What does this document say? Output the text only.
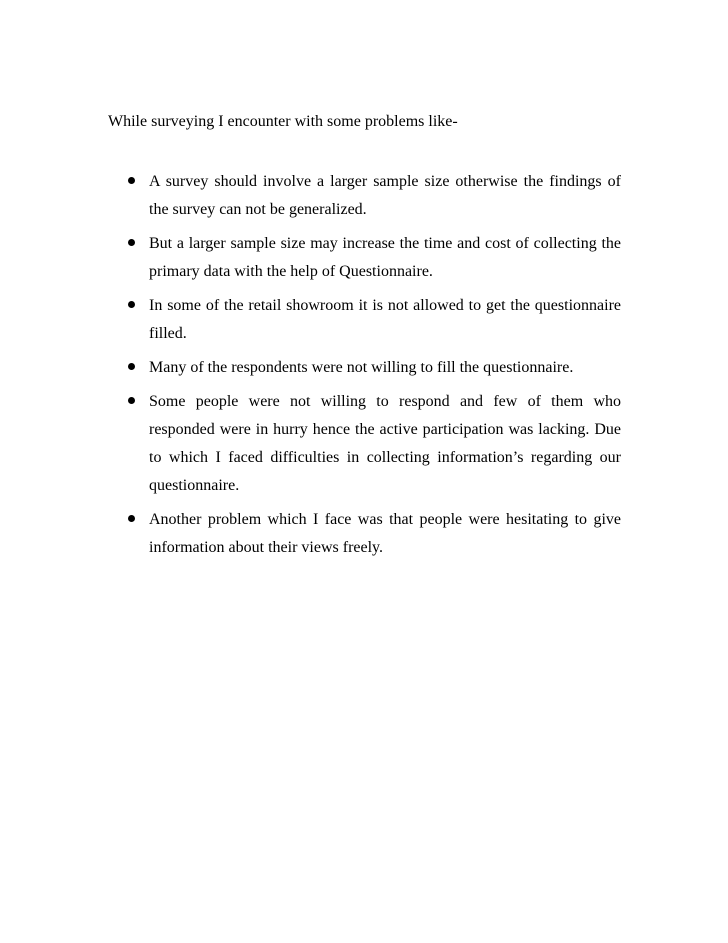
While surveying I encounter with some problems like-

A survey should involve a larger sample size otherwise the findings of the survey can not be generalized.
But a larger sample size may increase the time and cost of collecting the primary data with the help of Questionnaire.
In some of the retail showroom it is not allowed to get the questionnaire filled.
Many of the respondents were not willing to fill the questionnaire.
Some people were not willing to respond and few of them who responded were in hurry hence the active participation was lacking. Due to which I faced difficulties in collecting information’s regarding our questionnaire.
Another problem which I face was that people were hesitating to give information about their views freely.
